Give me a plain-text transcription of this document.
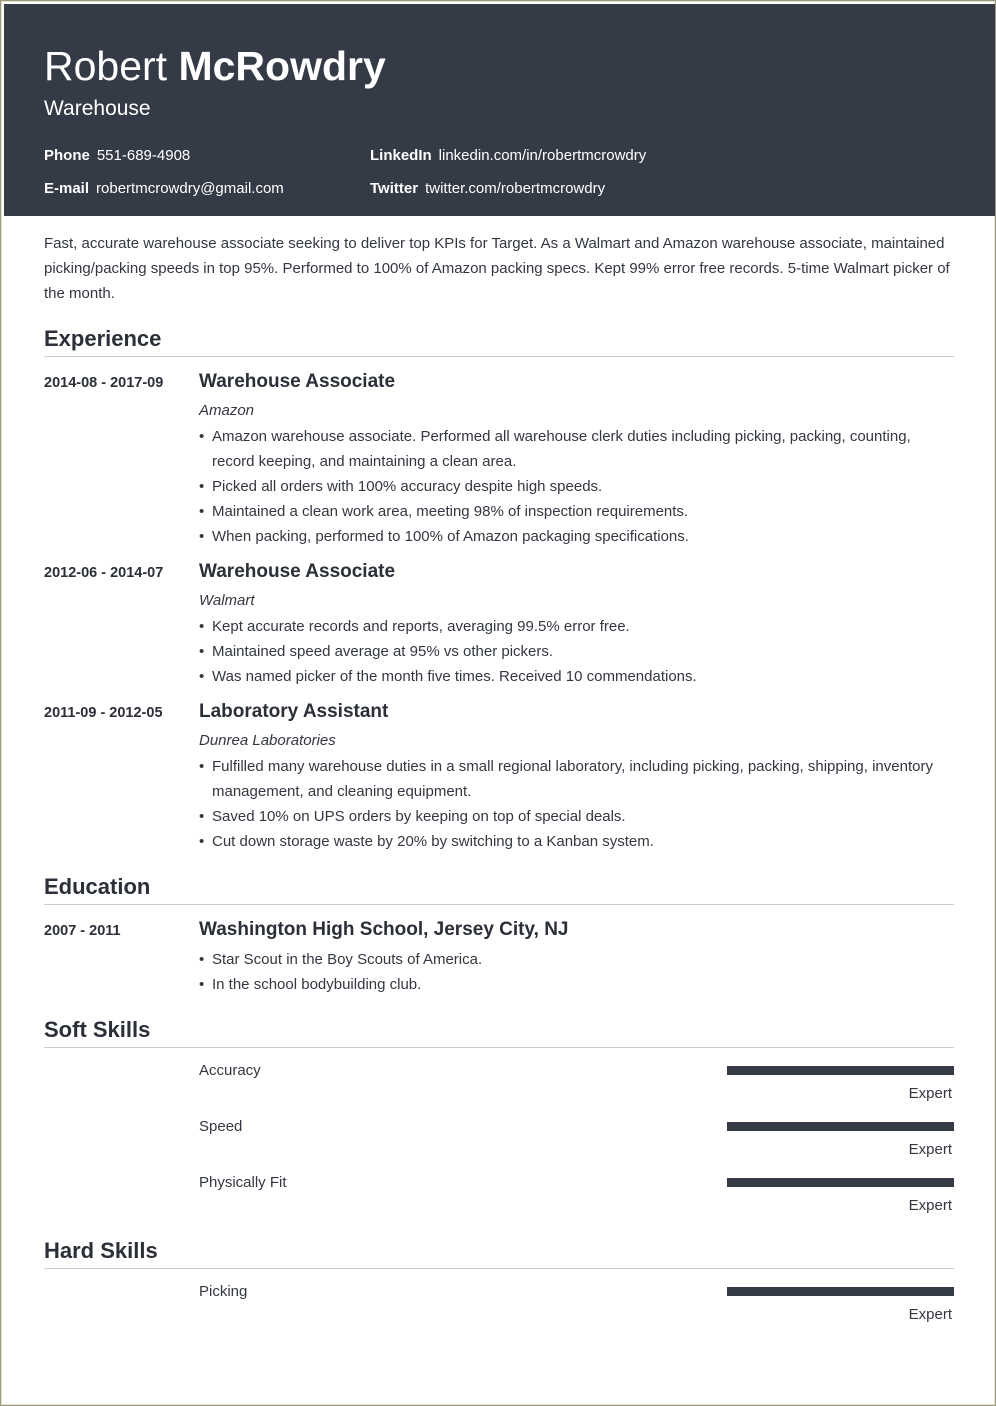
Robert McRowdry
Warehouse
Phone 551-689-4908	LinkedIn linkedin.com/in/robertmcrowdry
E-mail robertmcrowdry@gmail.com	Twitter twitter.com/robertmcrowdry
Fast, accurate warehouse associate seeking to deliver top KPIs for Target. As a Walmart and Amazon warehouse associate, maintained picking/packing speeds in top 95%. Performed to 100% of Amazon packing specs. Kept 99% error free records. 5-time Walmart picker of the month.
Experience
2014-08 - 2017-09 Warehouse Associate
Amazon
• Amazon warehouse associate. Performed all warehouse clerk duties including picking, packing, counting, record keeping, and maintaining a clean area.
• Picked all orders with 100% accuracy despite high speeds.
• Maintained a clean work area, meeting 98% of inspection requirements.
• When packing, performed to 100% of Amazon packaging specifications.
2012-06 - 2014-07 Warehouse Associate
Walmart
• Kept accurate records and reports, averaging 99.5% error free.
• Maintained speed average at 95% vs other pickers.
• Was named picker of the month five times. Received 10 commendations.
2011-09 - 2012-05 Laboratory Assistant
Dunrea Laboratories
• Fulfilled many warehouse duties in a small regional laboratory, including picking, packing, shipping, inventory management, and cleaning equipment.
• Saved 10% on UPS orders by keeping on top of special deals.
• Cut down storage waste by 20% by switching to a Kanban system.
Education
2007 - 2011	Washington High School, Jersey City, NJ
• Star Scout in the Boy Scouts of America.
• In the school bodybuilding club.
Soft Skills
Accuracy
Expert
Speed
Expert
Physically Fit
Expert
Hard Skills
Picking
Expert
